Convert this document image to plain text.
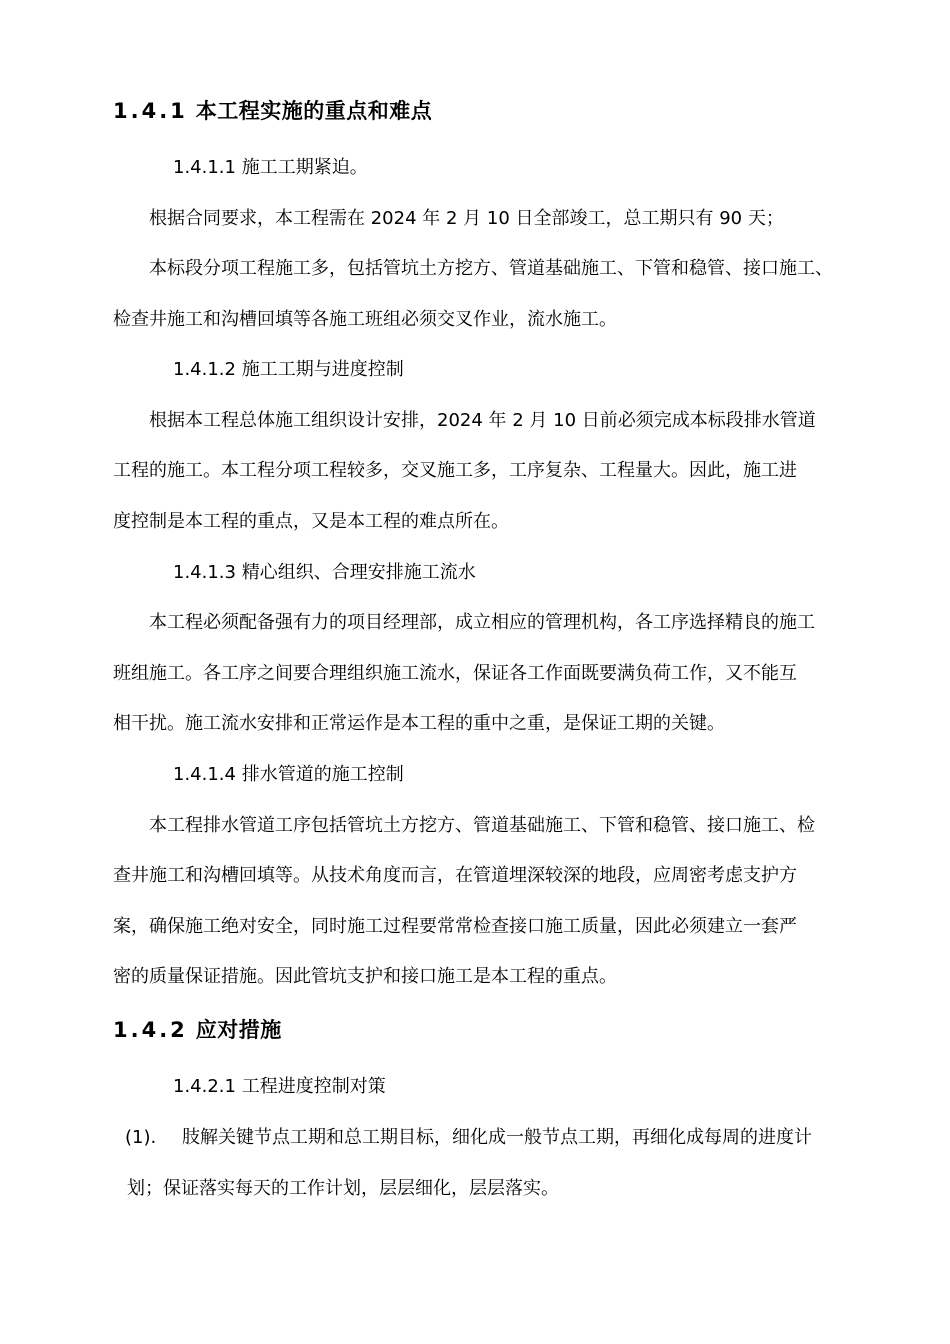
1.4.1 本工程实施的重点和难点
1.4.1.1 施工工期紧迫。
根据合同要求，本工程需在 2024 年 2 月 10 日全部竣工，总工期只有 90 天；
本标段分项工程施工多，包括管坑土方挖方、管道基础施工、下管和稳管、接口施工、
检查井施工和沟槽回填等各施工班组必须交叉作业，流水施工。
1.4.1.2 施工工期与进度控制
根据本工程总体施工组织设计安排，2024 年 2 月 10 日前必须完成本标段排水管道
工程的施工。本工程分项工程较多，交叉施工多，工序复杂、工程量大。因此，施工进
度控制是本工程的重点，又是本工程的难点所在。
1.4.1.3 精心组织、合理安排施工流水
本工程必须配备强有力的项目经理部，成立相应的管理机构，各工序选择精良的施工
班组施工。各工序之间要合理组织施工流水，保证各工作面既要满负荷工作，又不能互
相干扰。施工流水安排和正常运作是本工程的重中之重，是保证工期的关键。
1.4.1.4 排水管道的施工控制
本工程排水管道工序包括管坑土方挖方、管道基础施工、下管和稳管、接口施工、检
查井施工和沟槽回填等。从技术角度而言，在管道埋深较深的地段，应周密考虑支护方
案，确保施工绝对安全，同时施工过程要常常检查接口施工质量，因此必须建立一套严
密的质量保证措施。因此管坑支护和接口施工是本工程的重点。
1.4.2 应对措施
1.4.2.1 工程进度控制对策
(1). 肢解关键节点工期和总工期目标，细化成一般节点工期，再细化成每周的进度计
划；保证落实每天的工作计划，层层细化，层层落实。
